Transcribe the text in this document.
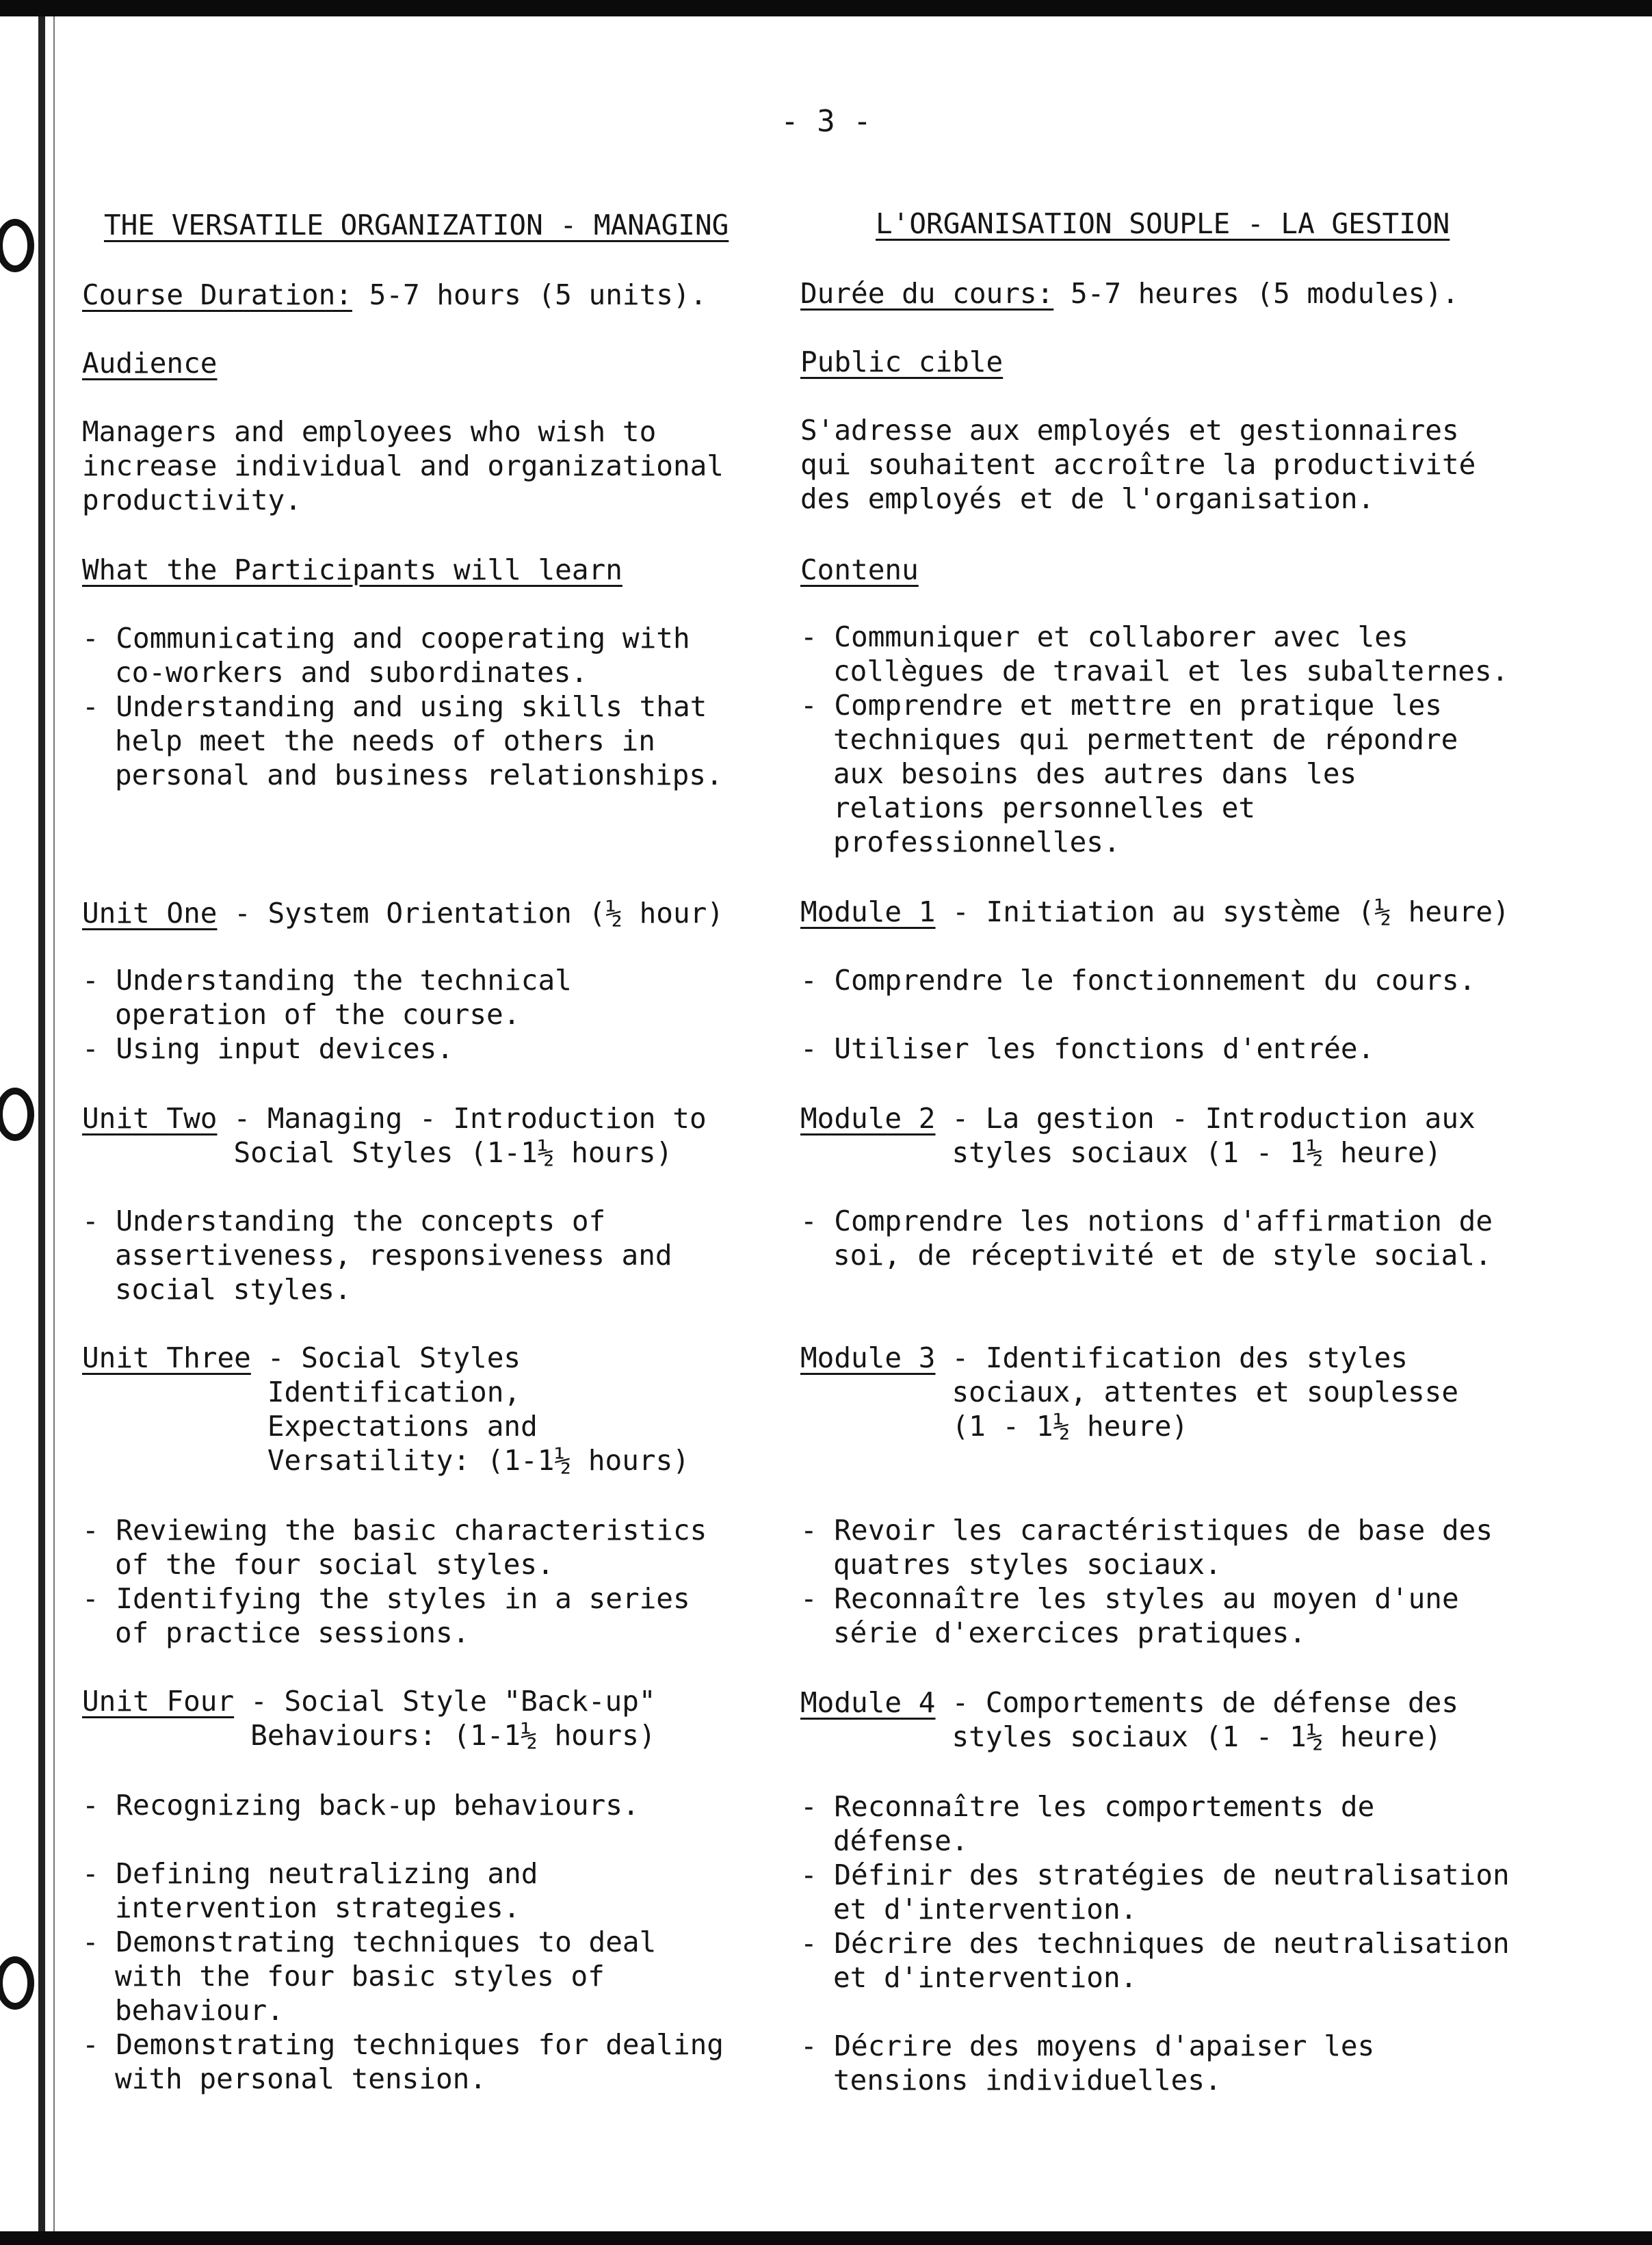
- 3 -
THE VERSATILE ORGANIZATION - MANAGING
Course Duration: 5-7 hours (5 units).
Audience
Managers and employees who wish to
increase individual and organizational
productivity.
What the Participants will learn
- Communicating and cooperating with
co-workers and subordinates.
- Understanding and using skills that
help meet the needs of others in
personal and business relationships.
Unit One - System Orientation (½ hour)
- Understanding the technical
operation of the course.
- Using input devices.
Unit Two - Managing - Introduction to
Social Styles (1-1½ hours)
- Understanding the concepts of
assertiveness, responsiveness and
social styles.
Unit Three - Social Styles
Identification,
Expectations and
Versatility: (1-1½ hours)
- Reviewing the basic characteristics
of the four social styles.
- Identifying the styles in a series
of practice sessions.
Unit Four - Social Style "Back-up"
Behaviours: (1-1½ hours)
- Recognizing back-up behaviours.
- Defining neutralizing and
intervention strategies.
- Demonstrating techniques to deal
with the four basic styles of
behaviour.
- Demonstrating techniques for dealing
with personal tension.
L'ORGANISATION SOUPLE - LA GESTION
Durée du cours: 5-7 heures (5 modules).
Public cible
S'adresse aux employés et gestionnaires
qui souhaitent accroître la productivité
des employés et de l'organisation.
Contenu
- Communiquer et collaborer avec les
collègues de travail et les subalternes.
- Comprendre et mettre en pratique les
techniques qui permettent de répondre
aux besoins des autres dans les
relations personnelles et
professionnelles.
Module 1 - Initiation au système (½ heure)
- Comprendre le fonctionnement du cours.
- Utiliser les fonctions d'entrée.
Module 2 - La gestion - Introduction aux
styles sociaux (1 - 1½ heure)
- Comprendre les notions d'affirmation de
soi, de réceptivité et de style social.
Module 3 - Identification des styles
sociaux, attentes et souplesse
(1 - 1½ heure)
- Revoir les caractéristiques de base des
quatres styles sociaux.
- Reconnaître les styles au moyen d'une
série d'exercices pratiques.
Module 4 - Comportements de défense des
styles sociaux (1 - 1½ heure)
- Reconnaître les comportements de
défense.
- Définir des stratégies de neutralisation
et d'intervention.
- Décrire des techniques de neutralisation
et d'intervention.
- Décrire des moyens d'apaiser les
tensions individuelles.
